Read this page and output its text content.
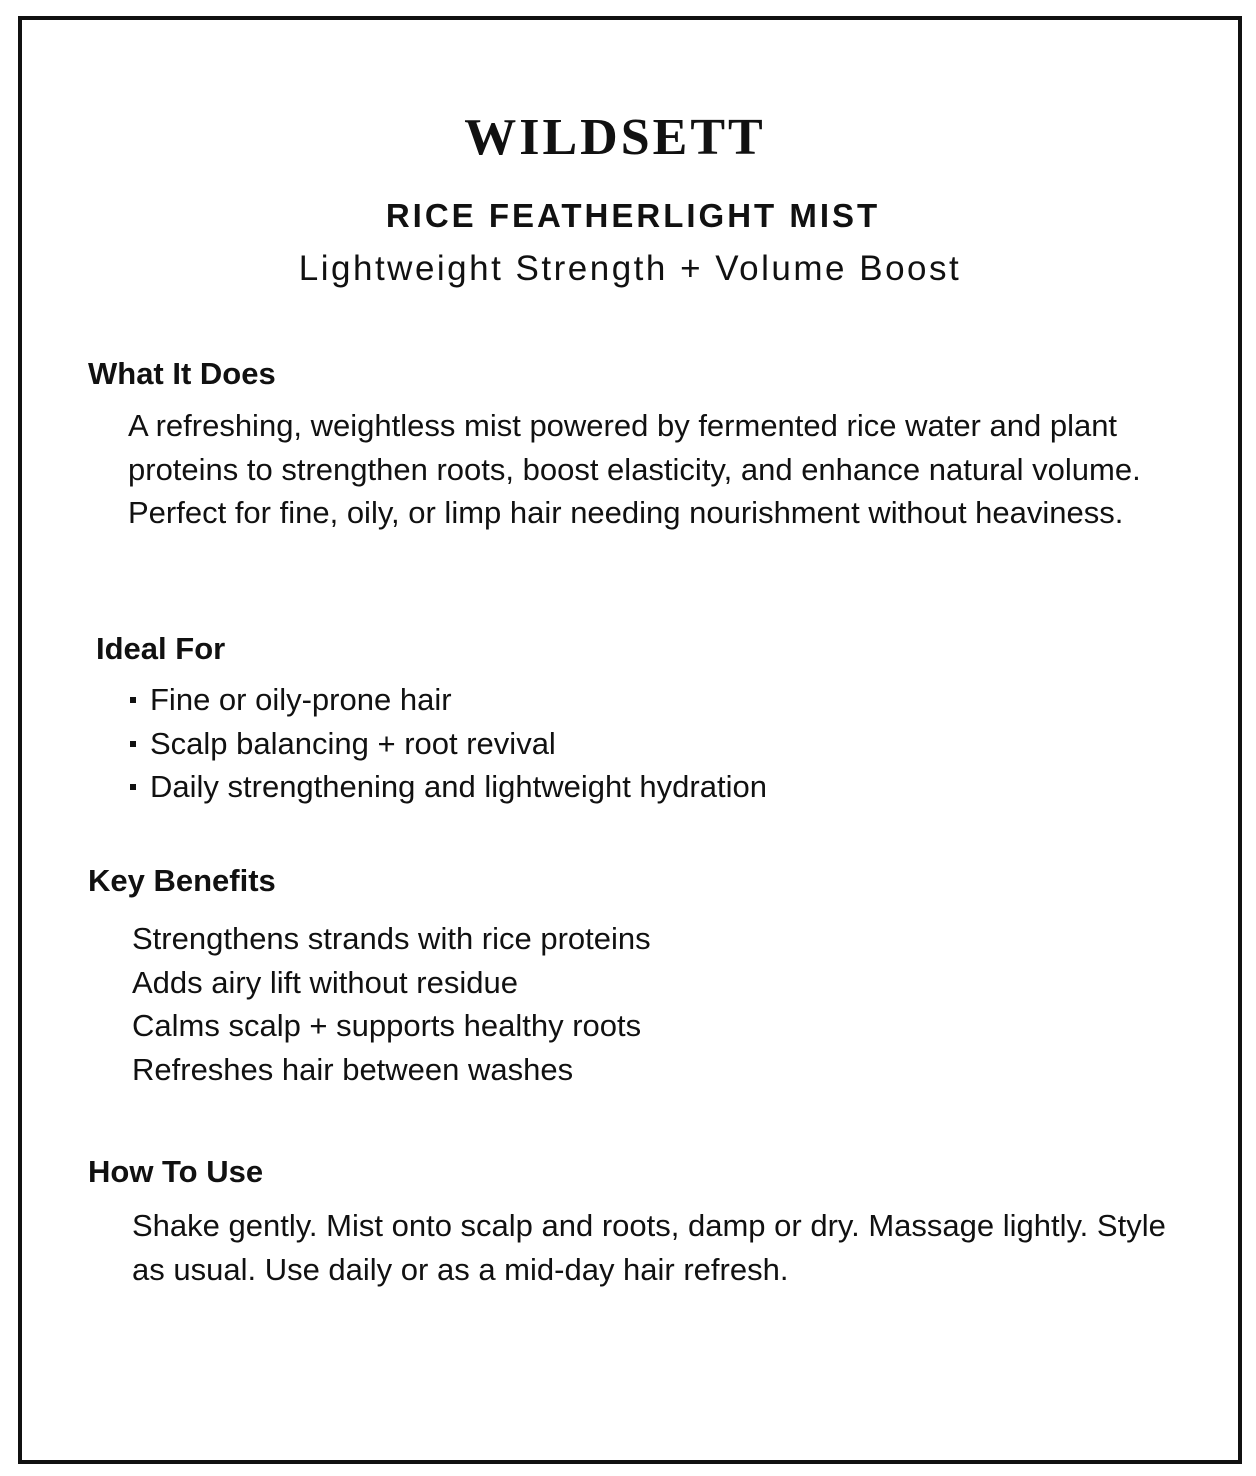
WILDSETT
RICE FEATHERLIGHT MIST
Lightweight Strength + Volume Boost
What It Does

A refreshing, weightless mist powered by fermented rice water and plant proteins to strengthen roots, boost elasticity, and enhance natural volume. Perfect for fine, oily, or limp hair needing nourishment without heaviness.

Ideal For
Fine or oily-prone hair
Scalp balancing + root revival
Daily strengthening and lightweight hydration
Key Benefits
Strengthens strands with rice proteins
Adds airy lift without residue
Calms scalp + supports healthy roots
Refreshes hair between washes
How To Use

Shake gently. Mist onto scalp and roots, damp or dry. Massage lightly. Style as usual. Use daily or as a mid-day hair refresh.
